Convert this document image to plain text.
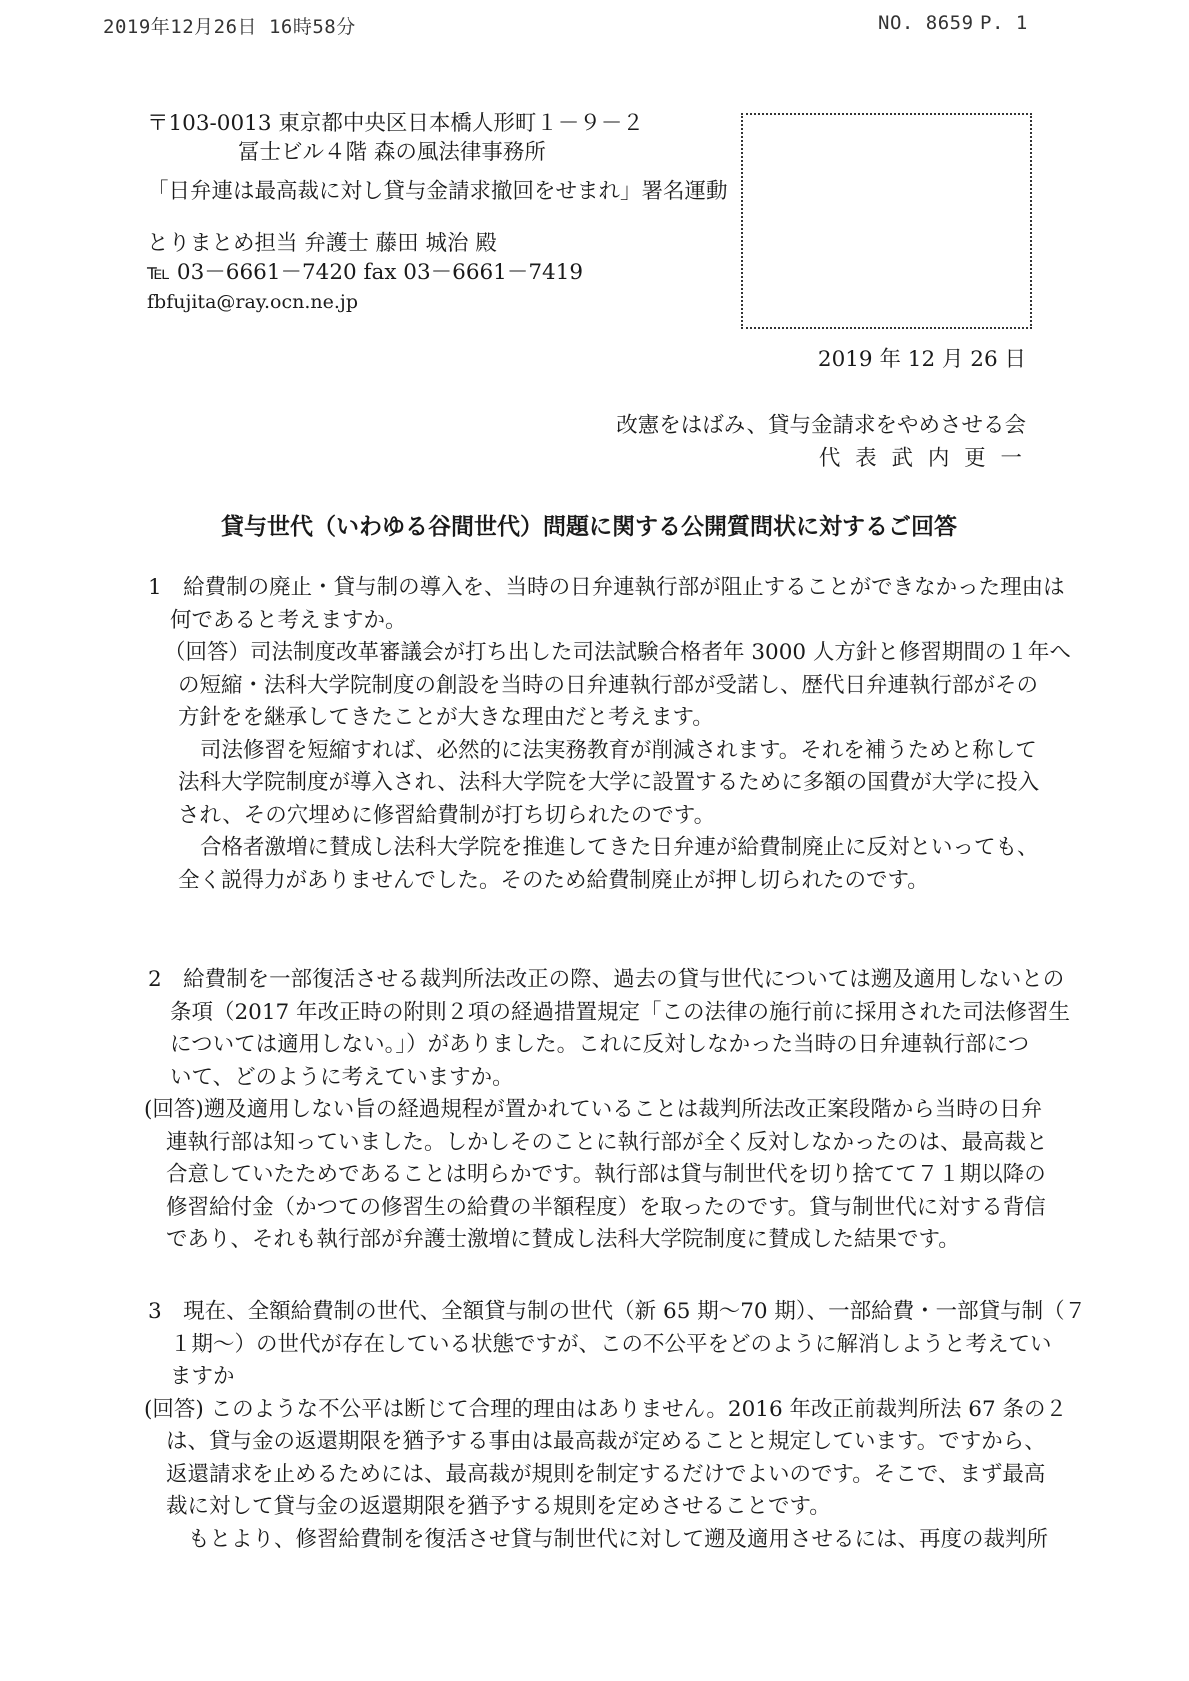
2019年12月26日 16時58分	NO. 8659 P. 1
〒103-0013 東京都中央区日本橋人形町１－９－２
冨士ビル４階 森の風法律事務所
「日弁連は最高裁に対し貸与金請求撤回をせまれ」署名運動
とりまとめ担当 弁護士 藤田 城治 殿
℡ 03－6661－7420 fax 03－6661－7419
fbfujita@ray.ocn.ne.jp
2019 年 12 月 26 日
改憲をはばみ、貸与金請求をやめさせる会
代 表 武 内 更 一
貸与世代（いわゆる谷間世代）問題に関する公開質問状に対するご回答
1　給費制の廃止・貸与制の導入を、当時の日弁連執行部が阻止することができなかった理由は
何であると考えますか。
（回答）司法制度改革審議会が打ち出した司法試験合格者年 3000 人方針と修習期間の１年へ
の短縮・法科大学院制度の創設を当時の日弁連執行部が受諾し、歴代日弁連執行部がその
方針をを継承してきたことが大きな理由だと考えます。
司法修習を短縮すれば、必然的に法実務教育が削減されます。それを補うためと称して
法科大学院制度が導入され、法科大学院を大学に設置するために多額の国費が大学に投入
され、その穴埋めに修習給費制が打ち切られたのです。
合格者激増に賛成し法科大学院を推進してきた日弁連が給費制廃止に反対といっても、
全く説得力がありませんでした。そのため給費制廃止が押し切られたのです。
2　給費制を一部復活させる裁判所法改正の際、過去の貸与世代については遡及適用しないとの
条項（2017 年改正時の附則２項の経過措置規定「この法律の施行前に採用された司法修習生
については適用しない。」）がありました。これに反対しなかった当時の日弁連執行部につ
いて、どのように考えていますか。
(回答)遡及適用しない旨の経過規程が置かれていることは裁判所法改正案段階から当時の日弁
連執行部は知っていました。しかしそのことに執行部が全く反対しなかったのは、最高裁と
合意していたためであることは明らかです。執行部は貸与制世代を切り捨てて７１期以降の
修習給付金（かつての修習生の給費の半額程度）を取ったのです。貸与制世代に対する背信
であり、それも執行部が弁護士激増に賛成し法科大学院制度に賛成した結果です。
3　現在、全額給費制の世代、全額貸与制の世代（新 65 期～70 期）、一部給費・一部貸与制（７
１期～）の世代が存在している状態ですが、この不公平をどのように解消しようと考えてい
ますか
(回答) このような不公平は断じて合理的理由はありません。2016 年改正前裁判所法 67 条の２
は、貸与金の返還期限を猶予する事由は最高裁が定めることと規定しています。ですから、
返還請求を止めるためには、最高裁が規則を制定するだけでよいのです。そこで、まず最高
裁に対して貸与金の返還期限を猶予する規則を定めさせることです。
もとより、修習給費制を復活させ貸与制世代に対して遡及適用させるには、再度の裁判所
